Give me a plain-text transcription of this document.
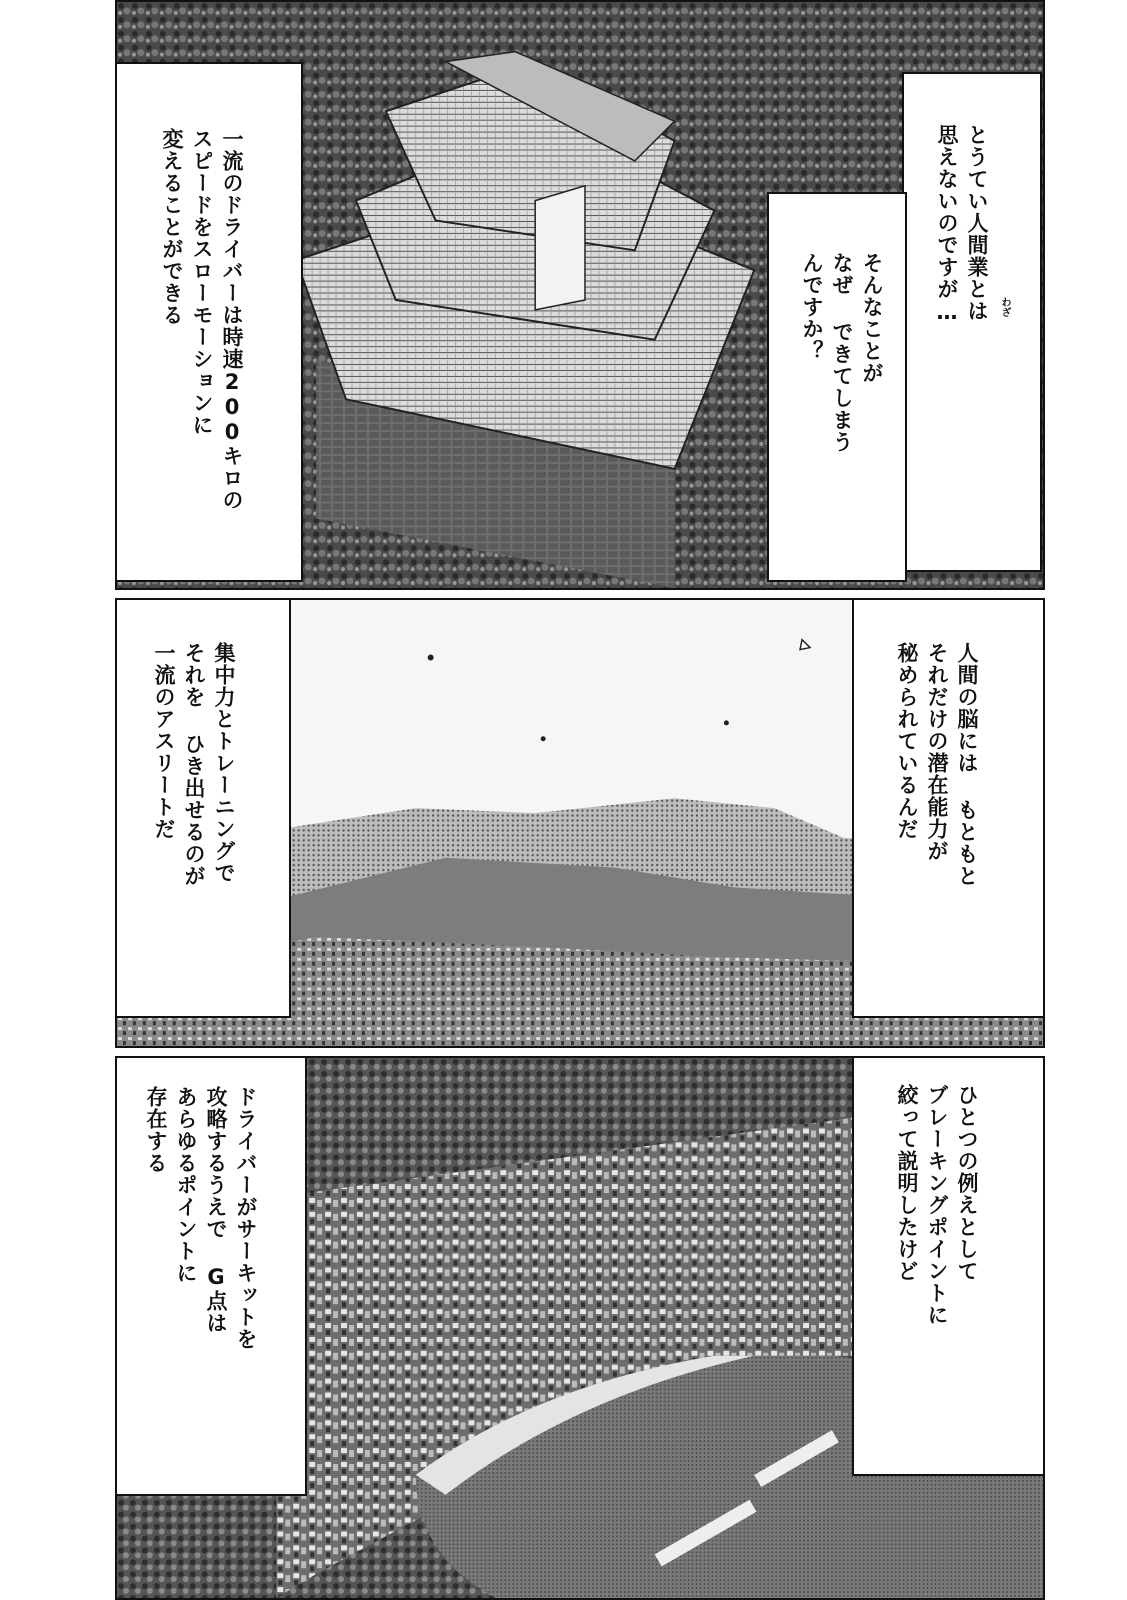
一流のドライバーは時速200キロの
スピードをスローモーションに
変えることができる	とうてい人間業とは
思えないのですが…	わざ
そんなことが
なぜ できてしまう
んですか？
集中力とトレーニングで
それを ひき出せるのが
一流のアスリートだ	人間の脳には もともと
それだけの潜在能力が
秘められているんだ
ドライバーがサーキットを
攻略するうえで G点は
あらゆるポイントに
存在する	ひとつの例えとして
ブレーキングポイントに
絞って説明したけど
